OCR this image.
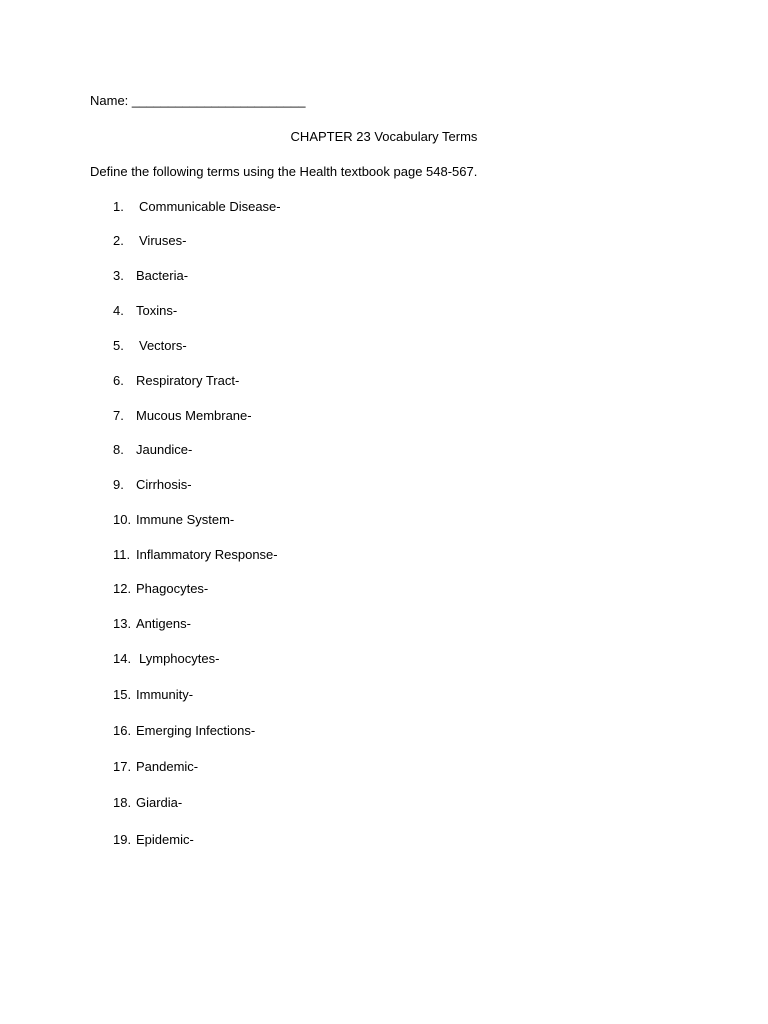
Name: ________________________
CHAPTER 23 Vocabulary Terms
Define the following terms using the Health textbook page 548-567.
1. Communicable Disease-
2. Viruses-
3. Bacteria-
4. Toxins-
5. Vectors-
6. Respiratory Tract-
7. Mucous Membrane-
8. Jaundice-
9. Cirrhosis-
10. Immune System-
11. Inflammatory Response-
12. Phagocytes-
13. Antigens-
14. Lymphocytes-
15. Immunity-
16. Emerging Infections-
17. Pandemic-
18. Giardia-
19. Epidemic-
